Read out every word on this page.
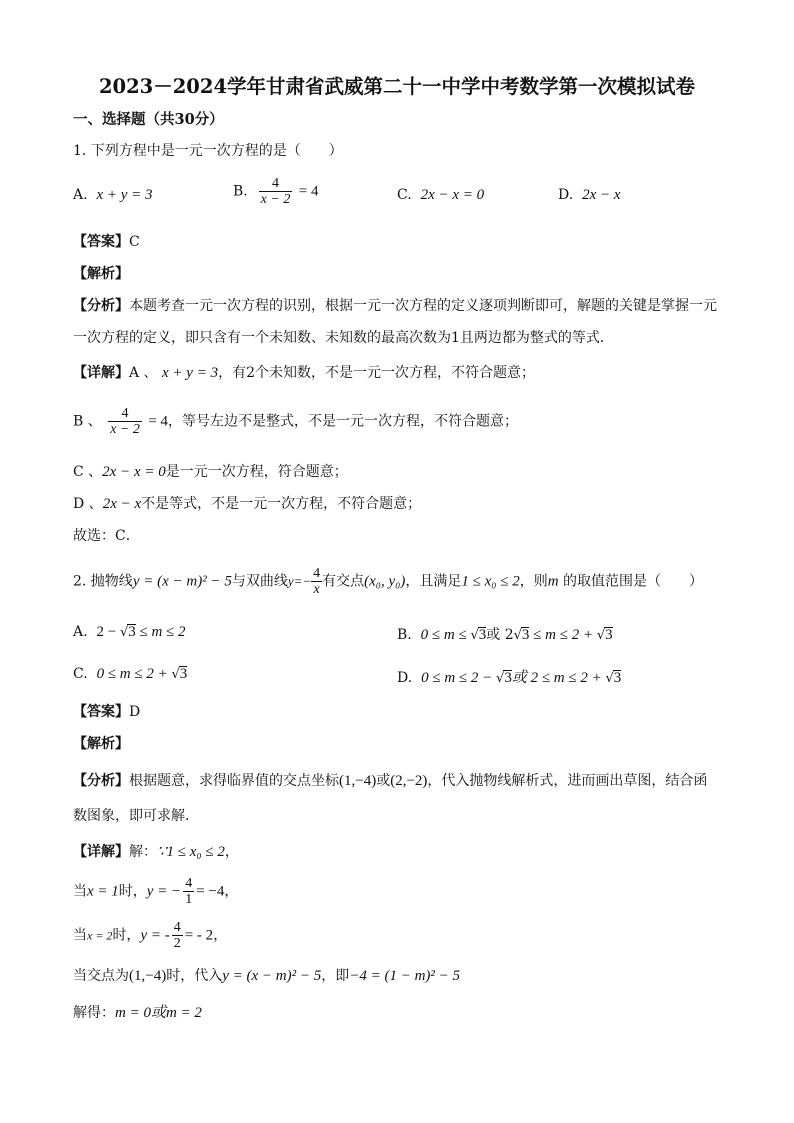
2023－2024学年甘肃省武威第二十一中学中考数学第一次模拟试卷
一、选择题（共30分）
1. 下列方程中是一元一次方程的是（　　）
A. x + y = 3	B. $\frac{4}{x - 2} = 4$	C. 2x − x = 0	D. 2x − x
【答案】C
【解析】
【分析】本题考查一元一次方程的识别，根据一元一次方程的定义逐项判断即可，解题的关键是掌握一元
一次方程的定义，即只含有一个未知数、未知数的最高次数为1且两边都为整式的等式．
【详解】A 、 x + y = 3，有2个未知数，不是一元一次方程，不符合题意；
B 、 $\frac{4}{x - 2} = 4$，等号左边不是整式，不是一元一次方程，不符合题意；
C 、2x − x = 0是一元一次方程，符合题意；
D 、2x − x不是等式，不是一元一次方程，不符合题意；
故选：C．
2. 抛物线y = (x − m)² − 5与双曲线$y=- \frac{4}{x}$ 有交点(x₀, y₀)，且满足1 ≤ x₀ ≤ 2，则m 的取值范围是（　　）
A. 2 − √3 ≤ m ≤ 2	B. 0 ≤ m ≤ √3或 2√3 ≤ m ≤ 2 + √3
C. 0 ≤ m ≤ 2 + √3	D. 0 ≤ m ≤ 2 − √3或 2 ≤ m ≤ 2 + √3
【答案】D
【解析】
【分析】根据题意，求得临界值的交点坐标(1,−4)或(2,−2)，代入抛物线解析式，进而画出草图，结合函
数图象，即可求解．
【详解】解：∵1 ≤ x₀ ≤ 2，
当x = 1时，y = − $\frac{4}{1} = -4$，
当x = 2时，y = - $\frac{4}{2}$ = - 2，
当交点为(1,−4)时，代入y = (x − m)² − 5，即−4 = (1 − m)² − 5
解得：m = 0或m = 2
